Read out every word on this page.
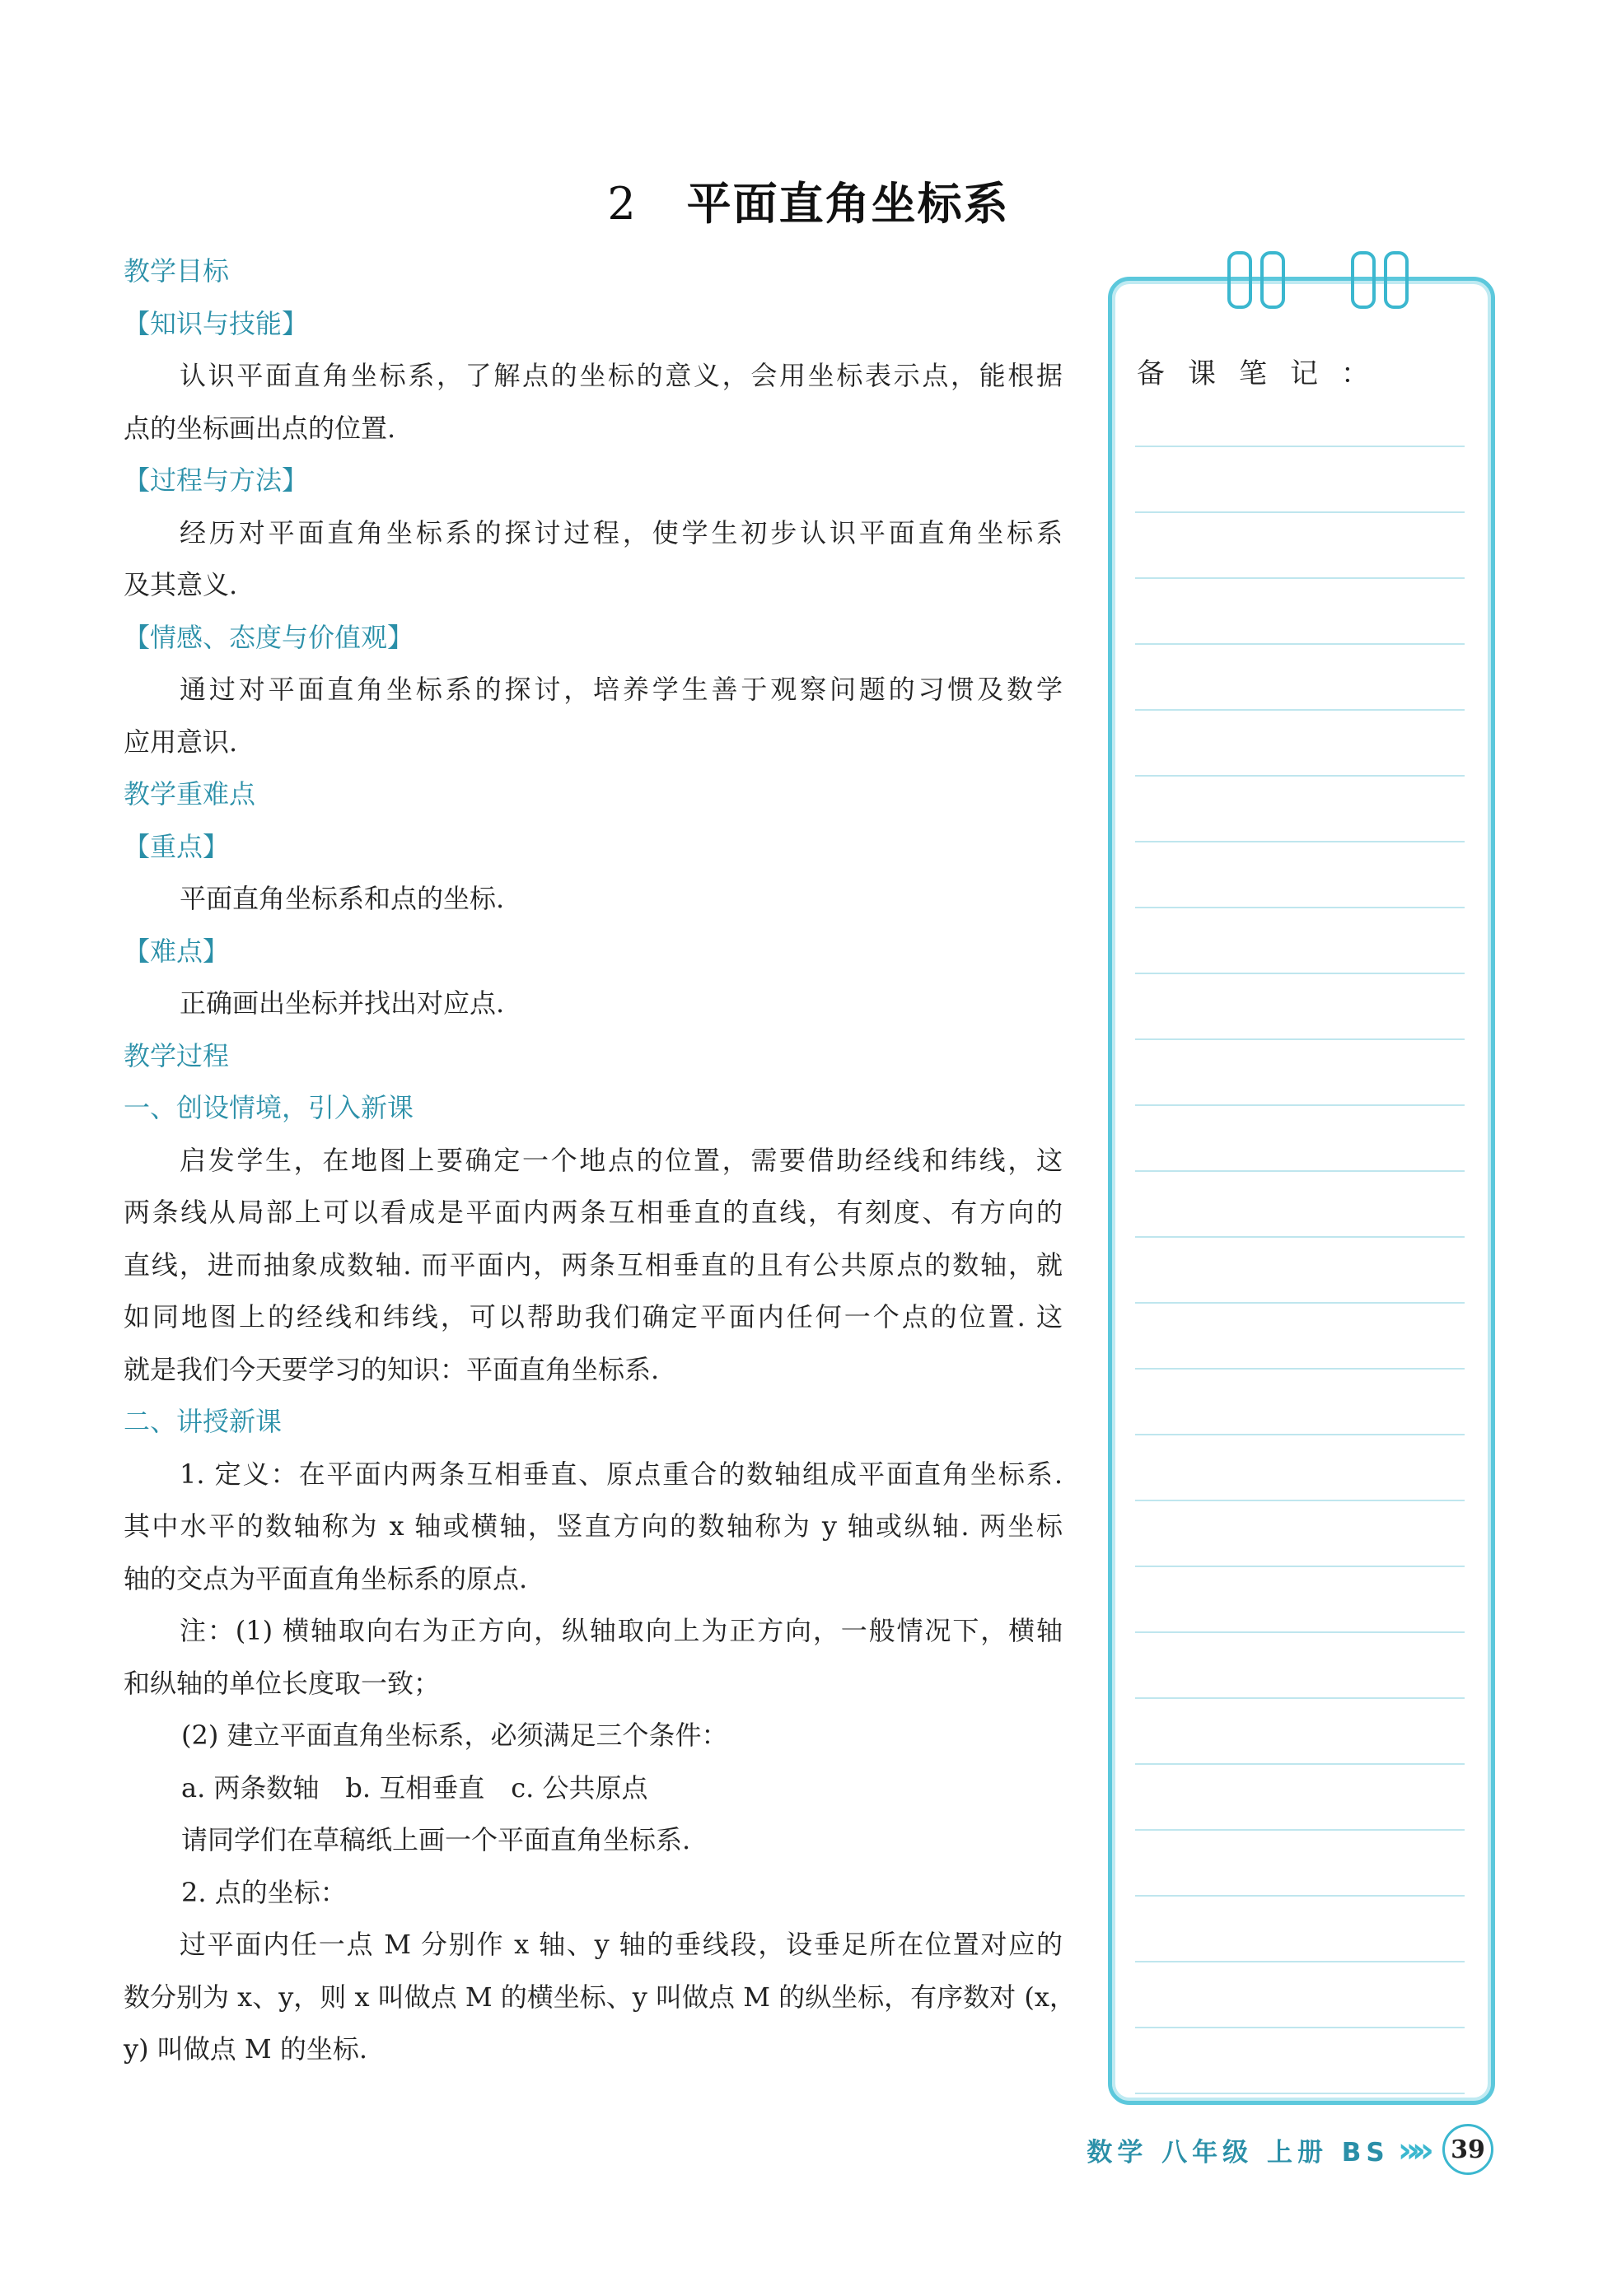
2 平面直角坐标系
教学目标
【知识与技能】
认识平面直角坐标系，了解点的坐标的意义，会用坐标表示点，能根据
点的坐标画出点的位置.
【过程与方法】
经历对平面直角坐标系的探讨过程，使学生初步认识平面直角坐标系
及其意义.
【情感、态度与价值观】
通过对平面直角坐标系的探讨，培养学生善于观察问题的习惯及数学
应用意识.
教学重难点
【重点】
平面直角坐标系和点的坐标.
【难点】
正确画出坐标并找出对应点.
教学过程
一、创设情境，引入新课
启发学生，在地图上要确定一个地点的位置，需要借助经线和纬线，这
两条线从局部上可以看成是平面内两条互相垂直的直线，有刻度、有方向的
直线，进而抽象成数轴. 而平面内，两条互相垂直的且有公共原点的数轴，就
如同地图上的经线和纬线，可以帮助我们确定平面内任何一个点的位置. 这
就是我们今天要学习的知识：平面直角坐标系.
二、讲授新课
1. 定义：在平面内两条互相垂直、原点重合的数轴组成平面直角坐标系.
其中水平的数轴称为 x 轴或横轴，竖直方向的数轴称为 y 轴或纵轴. 两坐标
轴的交点为平面直角坐标系的原点.
注：(1) 横轴取向右为正方向，纵轴取向上为正方向，一般情况下，横轴
和纵轴的单位长度取一致；
(2) 建立平面直角坐标系，必须满足三个条件：
a. 两条数轴　b. 互相垂直　c. 公共原点
请同学们在草稿纸上画一个平面直角坐标系.
2. 点的坐标：
过平面内任一点 M 分别作 x 轴、y 轴的垂线段，设垂足所在位置对应的
数分别为 x、y，则 x 叫做点 M 的横坐标、y 叫做点 M 的纵坐标，有序数对 (x，
y) 叫做点 M 的坐标.
备课笔记：
数学 八年级 上册 BS »»	39
